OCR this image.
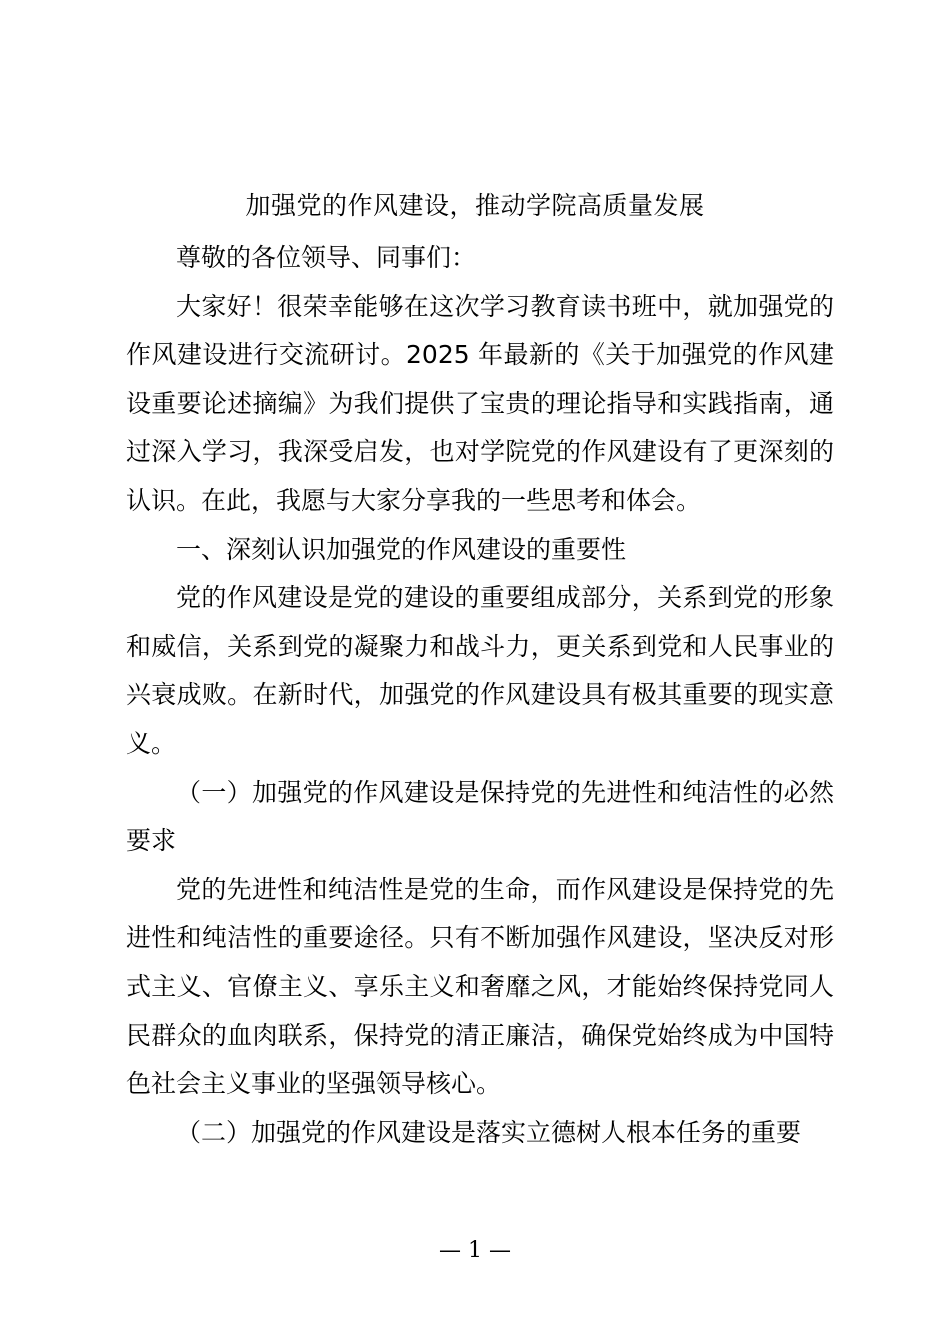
加强党的作风建设，推动学院高质量发展

尊敬的各位领导、同事们：

大家好！很荣幸能够在这次学习教育读书班中，就加强党的作风建设进行交流研讨。2025 年最新的《关于加强党的作风建设重要论述摘编》为我们提供了宝贵的理论指导和实践指南，通过深入学习，我深受启发，也对学院党的作风建设有了更深刻的认识。在此，我愿与大家分享我的一些思考和体会。

一、深刻认识加强党的作风建设的重要性

党的作风建设是党的建设的重要组成部分，关系到党的形象和威信，关系到党的凝聚力和战斗力，更关系到党和人民事业的兴衰成败。在新时代，加强党的作风建设具有极其重要的现实意义。

（一）加强党的作风建设是保持党的先进性和纯洁性的必然要求

党的先进性和纯洁性是党的生命，而作风建设是保持党的先进性和纯洁性的重要途径。只有不断加强作风建设，坚决反对形式主义、官僚主义、享乐主义和奢靡之风，才能始终保持党同人民群众的血肉联系，保持党的清正廉洁，确保党始终成为中国特色社会主义事业的坚强领导核心。

（二）加强党的作风建设是落实立德树人根本任务的重要

— 1 —
